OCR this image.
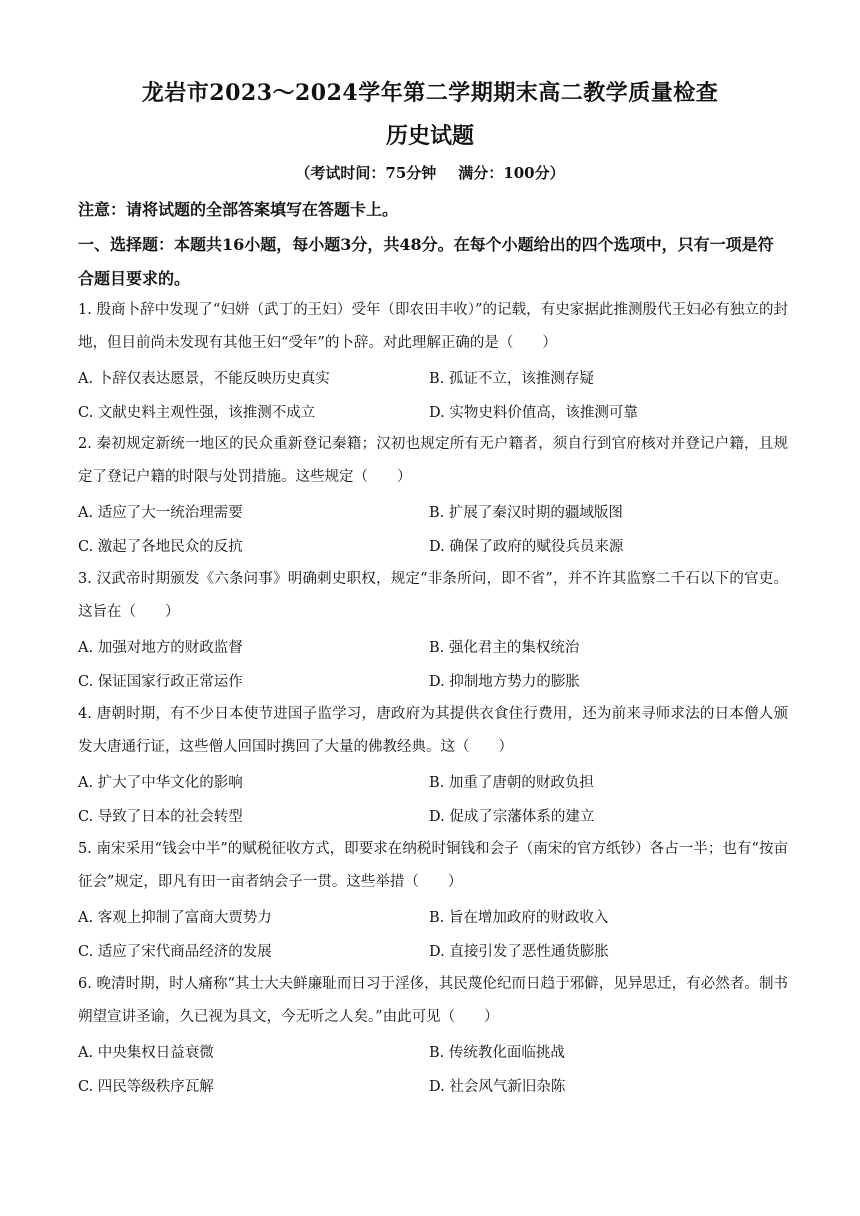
龙岩市2023～2024学年第二学期期末高二教学质量检查
历史试题
（考试时间：75分钟 满分：100分）
注意：请将试题的全部答案填写在答题卡上。
一、选择题：本题共16小题，每小题3分，共48分。在每个小题给出的四个选项中，只有一项是符合题目要求的。
1. 殷商卜辞中发现了“妇姘（武丁的王妇）受年（即农田丰收）”的记载，有史家据此推测殷代王妇必有独立的封地，但目前尚未发现有其他王妇“受年”的卜辞。对此理解正确的是（　　）
A. 卜辞仅表达愿景，不能反映历史真实	B. 孤证不立，该推测存疑
C. 文献史料主观性强，该推测不成立	D. 实物史料价值高，该推测可靠
2. 秦初规定新统一地区的民众重新登记秦籍；汉初也规定所有无户籍者，须自行到官府核对并登记户籍，且规定了登记户籍的时限与处罚措施。这些规定（　　）
A. 适应了大一统治理需要	B. 扩展了秦汉时期的疆域版图
C. 激起了各地民众的反抗	D. 确保了政府的赋役兵员来源
3. 汉武帝时期颁发《六条问事》明确刺史职权，规定“非条所问，即不省”，并不许其监察二千石以下的官吏。这旨在（　　）
A. 加强对地方的财政监督	B. 强化君主的集权统治
C. 保证国家行政正常运作	D. 抑制地方势力的膨胀
4. 唐朝时期，有不少日本使节进国子监学习，唐政府为其提供衣食住行费用，还为前来寻师求法的日本僧人颁发大唐通行证，这些僧人回国时携回了大量的佛教经典。这（　　）
A. 扩大了中华文化的影响	B. 加重了唐朝的财政负担
C. 导致了日本的社会转型	D. 促成了宗藩体系的建立
5. 南宋采用“钱会中半”的赋税征收方式，即要求在纳税时铜钱和会子（南宋的官方纸钞）各占一半；也有“按亩征会”规定，即凡有田一亩者纳会子一贯。这些举措（　　）
A. 客观上抑制了富商大贾势力	B. 旨在增加政府的财政收入
C. 适应了宋代商品经济的发展	D. 直接引发了恶性通货膨胀
6. 晚清时期，时人痛称“其士大夫鲜廉耻而日习于淫侈，其民蔑伦纪而日趋于邪僻，见异思迁，有必然者。制书朔望宣讲圣谕，久已视为具文，今无听之人矣。”由此可见（　　）
A. 中央集权日益衰微	B. 传统教化面临挑战
C. 四民等级秩序瓦解	D. 社会风气新旧杂陈
